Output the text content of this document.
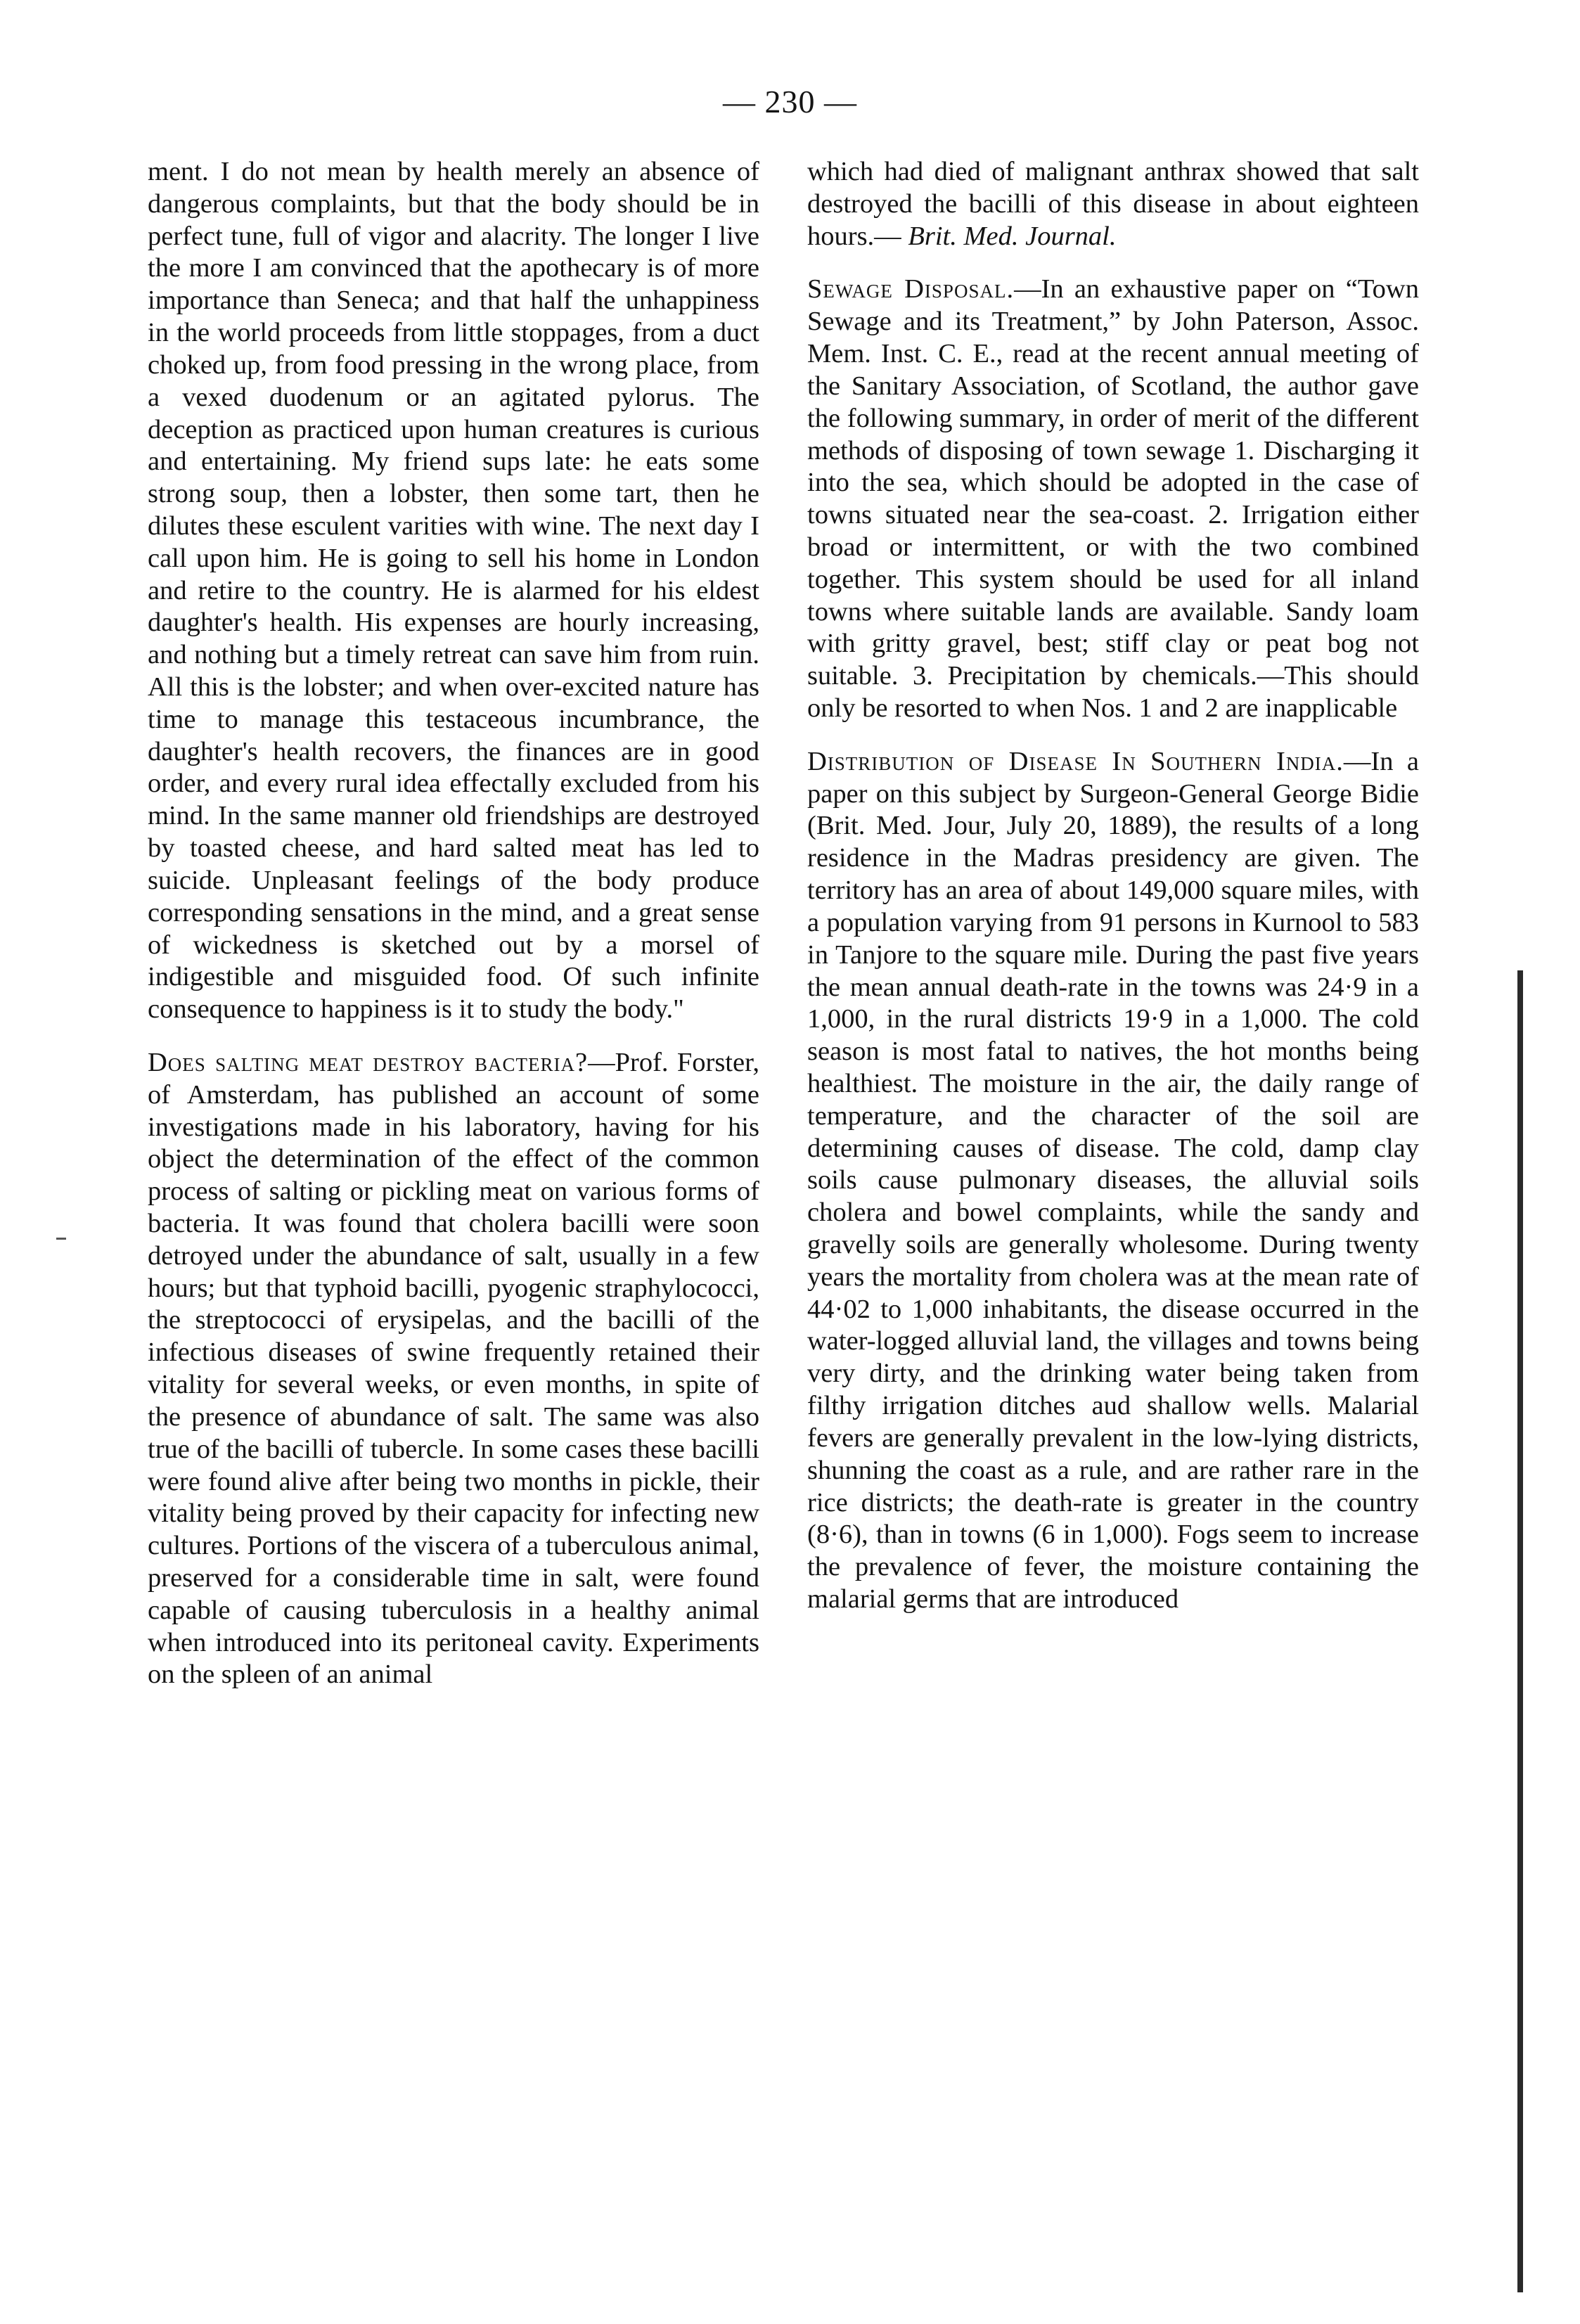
— 230 —

ment. I do not mean by health merely an absence of dangerous complaints, but that the body should be in perfect tune, full of vigor and alacrity. The longer I live the more I am convinced that the apothecary is of more importance than Seneca; and that half the unhappiness in the world proceeds from little stoppages, from a duct choked up, from food pressing in the wrong place, from a vexed duodenum or an agitated pylorus. The deception as practiced upon human creatures is curious and entertaining. My friend sups late: he eats some strong soup, then a lobster, then some tart, then he dilutes these esculent varities with wine. The next day I call upon him. He is going to sell his home in London and retire to the country. He is alarmed for his eldest daughter's health. His expenses are hourly increasing, and nothing but a timely retreat can save him from ruin. All this is the lobster; and when over-excited nature has time to manage this testaceous incumbrance, the daughter's health recovers, the finances are in good order, and every rural idea effectally excluded from his mind. In the same manner old friendships are destroyed by toasted cheese, and hard salted meat has led to suicide. Unpleasant feelings of the body produce corresponding sensations in the mind, and a great sense of wickedness is sketched out by a morsel of indigestible and misguided food. Of such infinite consequence to happiness is it to study the body."

Does salting meat destroy bacteria?—Prof. Forster, of Amsterdam, has published an account of some investigations made in his laboratory, having for his object the determination of the effect of the common process of salting or pickling meat on various forms of bacteria. It was found that cholera bacilli were soon detroyed under the abundance of salt, usually in a few hours; but that typhoid bacilli, pyogenic straphylococci, the streptococci of erysipelas, and the bacilli of the infectious diseases of swine frequently retained their vitality for several weeks, or even months, in spite of the presence of abundance of salt. The same was also true of the bacilli of tubercle. In some cases these bacilli were found alive after being two months in pickle, their vitality being proved by their capacity for infecting new cultures. Portions of the viscera of a tuberculous animal, preserved for a considerable time in salt, were found capable of causing tuberculosis in a healthy animal when introduced into its peritoneal cavity. Experiments on the spleen of an animal

which had died of malignant anthrax showed that salt destroyed the bacilli of this disease in about eighteen hours.— Brit. Med. Journal.

Sewage Disposal.—In an exhaustive paper on “Town Sewage and its Treatment,” by John Paterson, Assoc. Mem. Inst. C. E., read at the recent annual meeting of the Sanitary Association, of Scotland, the author gave the following summary, in order of merit of the different methods of disposing of town sewage 1. Discharging it into the sea, which should be adopted in the case of towns situated near the sea-coast. 2. Irrigation either broad or intermittent, or with the two combined together. This system should be used for all inland towns where suitable lands are available. Sandy loam with gritty gravel, best; stiff clay or peat bog not suitable. 3. Precipitation by chemicals.—This should only be resorted to when Nos. 1 and 2 are inapplicable

Distribution of Disease In Southern India.—In a paper on this subject by Surgeon-General George Bidie (Brit. Med. Jour, July 20, 1889), the results of a long residence in the Madras presidency are given. The territory has an area of about 149,000 square miles, with a population varying from 91 persons in Kurnool to 583 in Tanjore to the square mile. During the past five years the mean annual death-rate in the towns was 24·9 in a 1,000, in the rural districts 19·9 in a 1,000. The cold season is most fatal to natives, the hot months being healthiest. The moisture in the air, the daily range of temperature, and the character of the soil are determining causes of disease. The cold, damp clay soils cause pulmonary diseases, the alluvial soils cholera and bowel complaints, while the sandy and gravelly soils are generally wholesome. During twenty years the mortality from cholera was at the mean rate of 44·02 to 1,000 inhabitants, the disease occurred in the water-logged alluvial land, the villages and towns being very dirty, and the drinking water being taken from filthy irrigation ditches aud shallow wells. Malarial fevers are generally prevalent in the low-lying districts, shunning the coast as a rule, and are rather rare in the rice districts; the death-rate is greater in the country (8·6), than in towns (6 in 1,000). Fogs seem to increase the prevalence of fever, the moisture containing the malarial germs that are introduced
